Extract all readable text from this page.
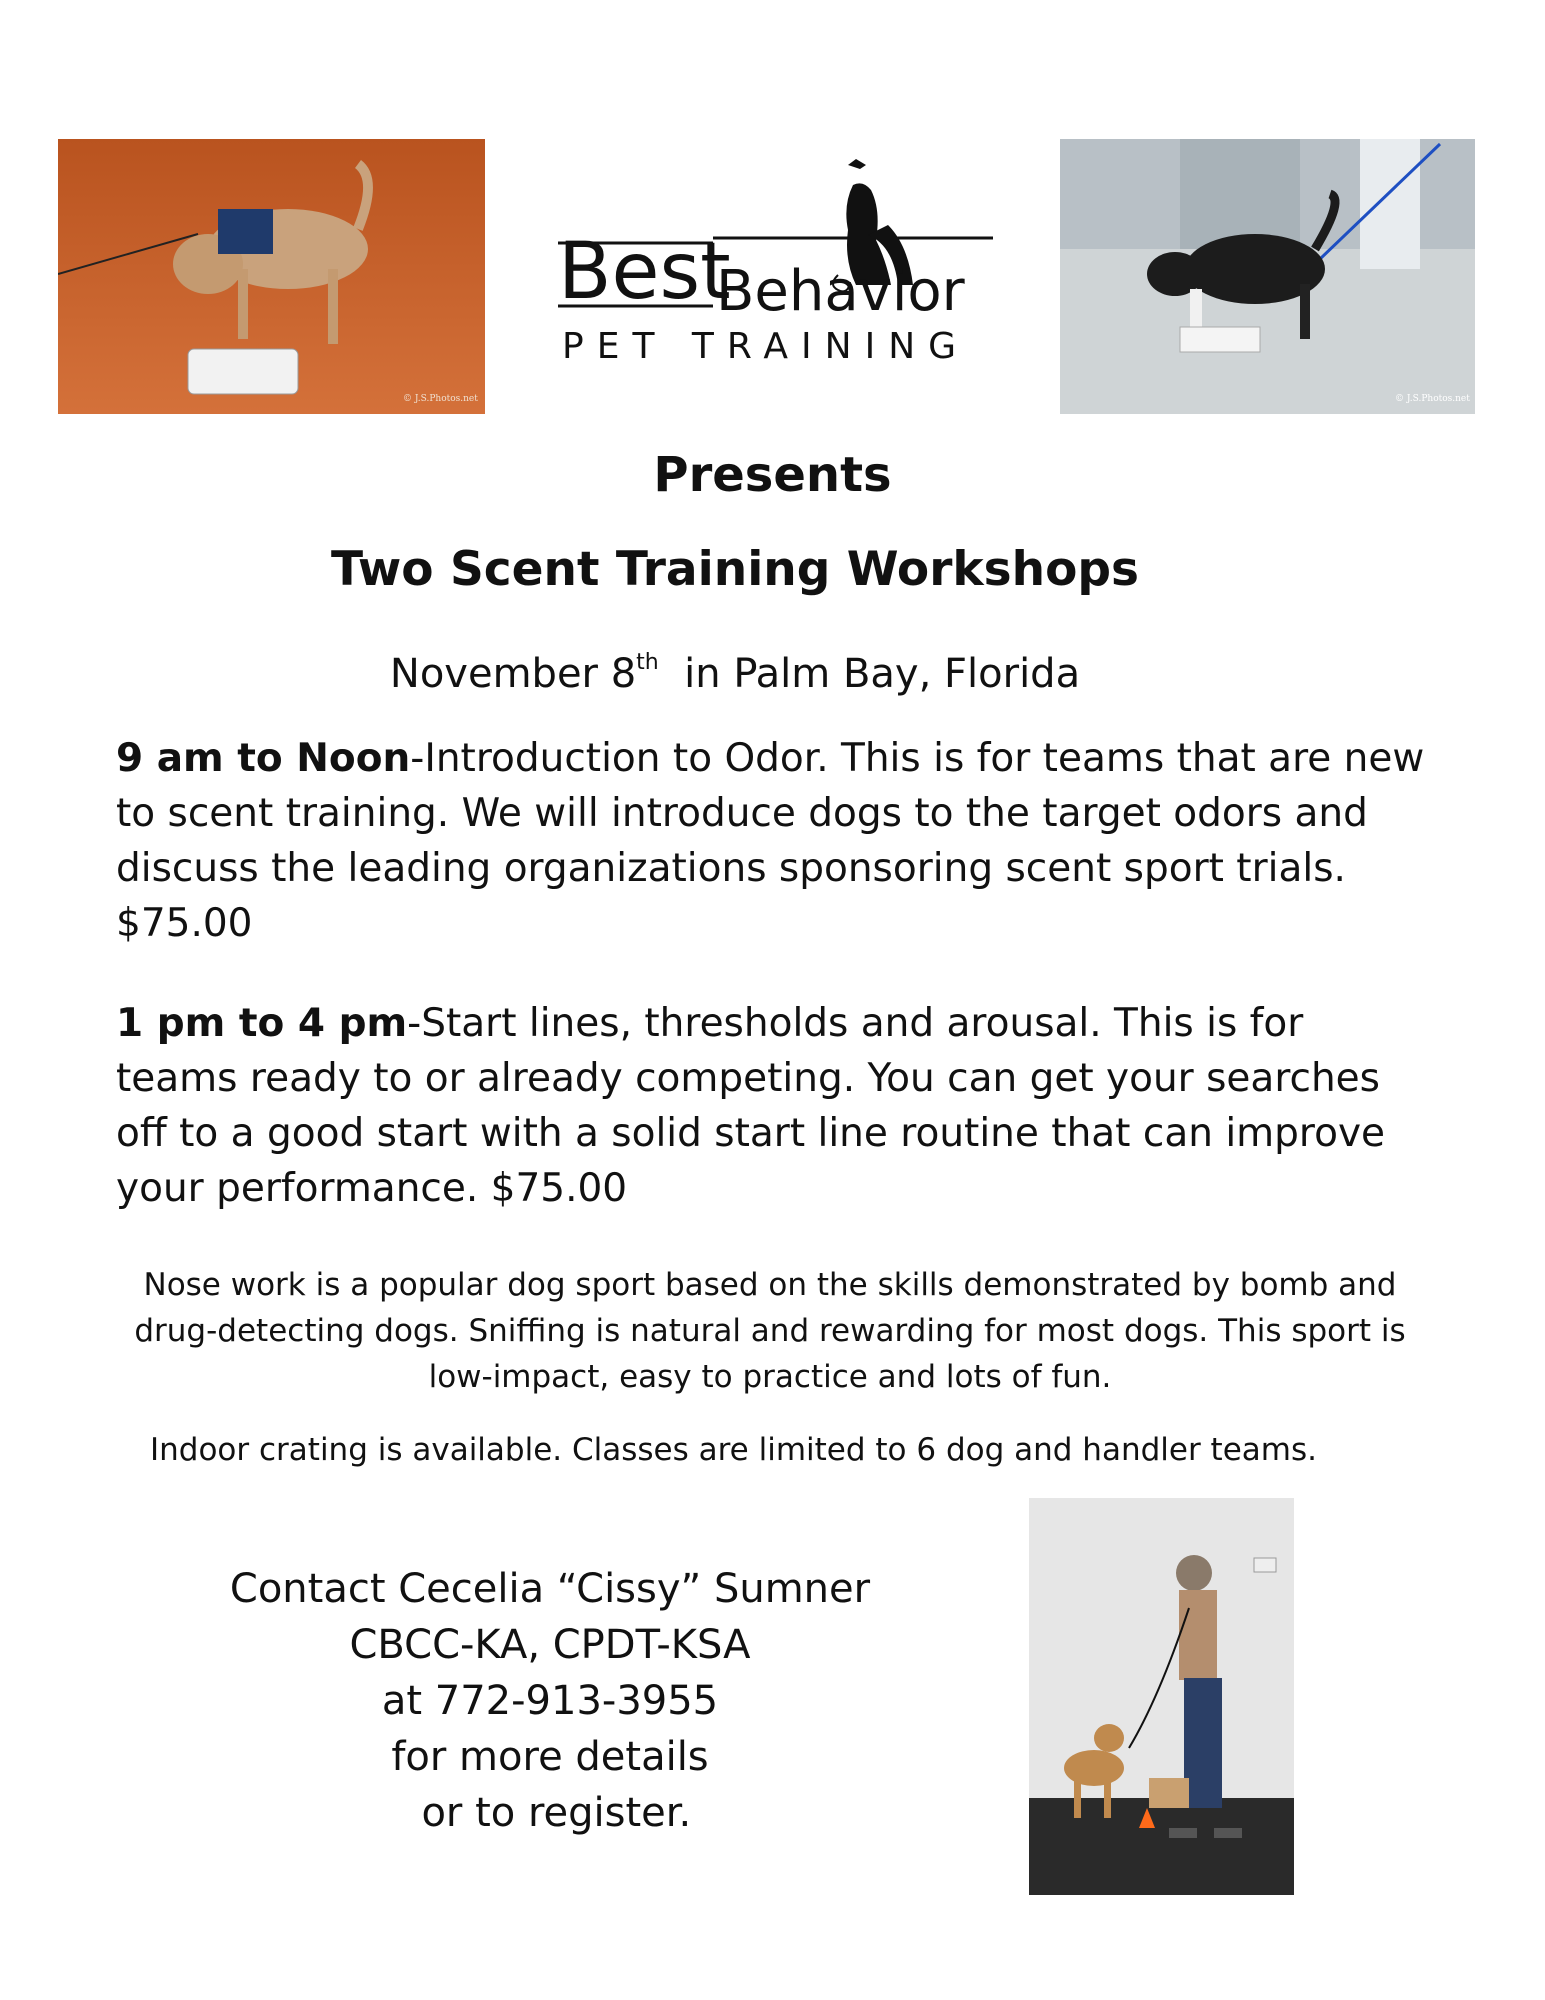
© J.S.Photos.net
Best
Behavior
PET TRAINING
© J.S.Photos.net
Presents
Two Scent Training Workshops
November 8th  in Palm Bay, Florida
9 am to Noon-Introduction to Odor. This is for teams that are new to scent training. We will introduce dogs to the target odors and discuss the leading organizations sponsoring scent sport trials. $75.00
1 pm to 4 pm-Start lines, thresholds and arousal. This is for teams ready to or already competing. You can get your searches off to a good start with a solid start line routine that can improve your performance. $75.00
Nose work is a popular dog sport based on the skills demonstrated by bomb and drug-detecting dogs. Sniffing is natural and rewarding for most dogs. This sport is low-impact, easy to practice and lots of fun.
Indoor crating is available. Classes are limited to 6 dog and handler teams.
Contact Cecelia “Cissy” Sumner
CBCC-KA, CPDT-KSA
at 772-913-3955
for more details
or to register.
